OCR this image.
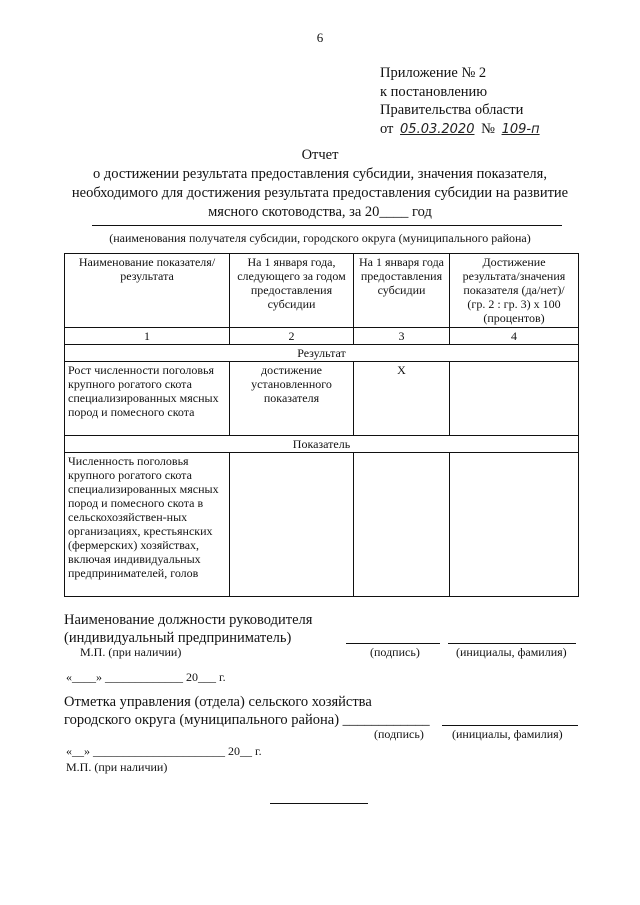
6
Приложение № 2
к постановлению
Правительства области
от 05.03.2020 № 109-п
Отчет
о достижении результата предоставления субсидии, значения показателя,
необходимого для достижения результата предоставления субсидии на развитие
мясного скотоводства, за 20____ год
(наименования получателя субсидии, городского округа (муниципального района)
Наименование показателя/результата	На 1 января года, следующего за годом предоставления субсидии	На 1 января года предоставления субсидии	Достижение результата/значения показателя (да/нет)/ (гр. 2 : гр. 3) х 100 (процентов)
1	2	3	4
Результат			
Рост численности поголовья крупного рогатого скота специализированных мясных пород и помесного скота	достижение установленного показателя	Х	
Показатель			
Численность поголовья крупного рогатого скота специализированных мясных пород и помесного скота в сельскохозяйствен-ных организациях, крестьянских (фермерских) хозяйствах, включая индивидуальных предпринимателей, голов			
Наименование должности руководителя
(индивидуальный предприниматель)
М.П. (при наличии)	(подпись)	(инициалы, фамилия)
«____» _____________ 20___ г.
Отметка управления (отдела) сельского хозяйства
городского округа (муниципального района) ____________
(подпись) (инициалы, фамилия)
«__» ______________________ 20__ г.
М.П. (при наличии)
